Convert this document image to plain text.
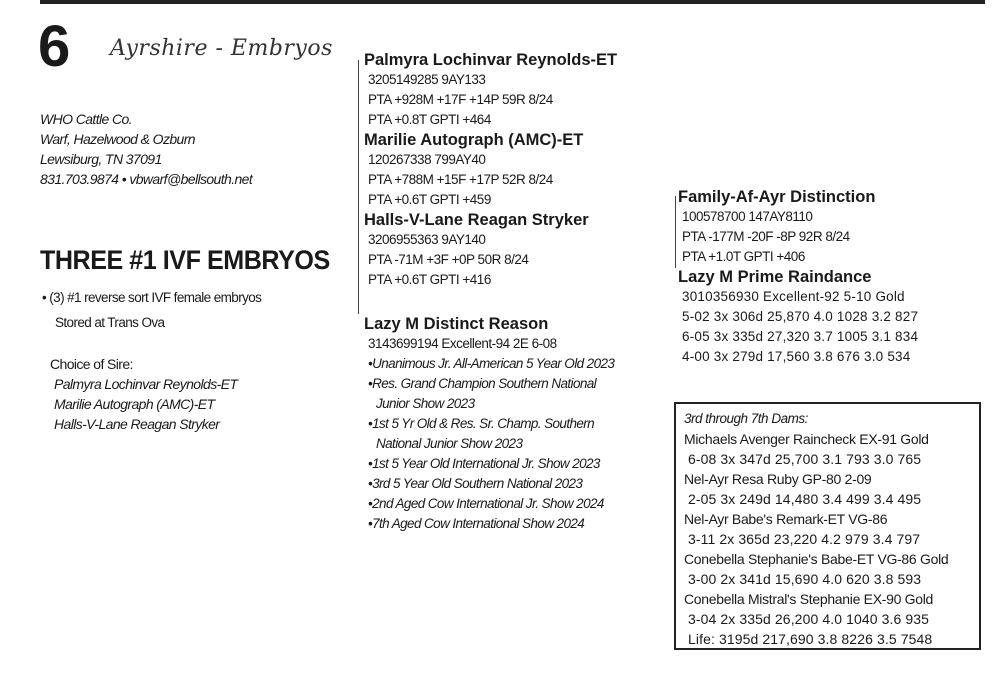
6 Ayrshire - Embryos
WHO Cattle Co.
Warf, Hazelwood & Ozburn
Lewsiburg, TN 37091
831.703.9874 • vbwarf@bellsouth.net
THREE #1 IVF EMBRYOS
• (3) #1 reverse sort IVF female embryos
Stored at Trans Ova
Choice of Sire:
Palmyra Lochinvar Reynolds-ET
Marilie Autograph (AMC)-ET
Halls-V-Lane Reagan Stryker
Palmyra Lochinvar Reynolds-ET
3205149285 9AY133
PTA +928M +17F +14P 59R 8/24
PTA +0.8T GPTI +464
Marilie Autograph (AMC)-ET
120267338 799AY40
PTA +788M +15F +17P 52R 8/24
PTA +0.6T GPTI +459
Halls-V-Lane Reagan Stryker
3206955363 9AY140
PTA -71M +3F +0P 50R 8/24
PTA +0.6T GPTI +416
Lazy M Distinct Reason
3143699194 Excellent-94 2E 6-08
•Unanimous Jr. All-American 5 Year Old 2023
•Res. Grand Champion Southern National
Junior Show 2023
•1st 5 Yr Old & Res. Sr. Champ. Southern
National Junior Show 2023
•1st 5 Year Old International Jr. Show 2023
•3rd 5 Year Old Southern National 2023
•2nd Aged Cow International Jr. Show 2024
•7th Aged Cow International Show 2024
Family-Af-Ayr Distinction
100578700 147AY8110
PTA -177M -20F -8P 92R 8/24
PTA +1.0T GPTI +406
Lazy M Prime Raindance
3010356930 Excellent-92 5-10 Gold
5-02 3x 306d 25,870 4.0 1028 3.2 827
6-05 3x 335d 27,320 3.7 1005 3.1 834
4-00 3x 279d 17,560 3.8 676 3.0 534
3rd through 7th Dams:
Michaels Avenger Raincheck EX-91 Gold
6-08 3x 347d 25,700 3.1 793 3.0 765
Nel-Ayr Resa Ruby GP-80 2-09
2-05 3x 249d 14,480 3.4 499 3.4 495
Nel-Ayr Babe's Remark-ET VG-86
3-11 2x 365d 23,220 4.2 979 3.4 797
Conebella Stephanie's Babe-ET VG-86 Gold
3-00 2x 341d 15,690 4.0 620 3.8 593
Conebella Mistral's Stephanie EX-90 Gold
3-04 2x 335d 26,200 4.0 1040 3.6 935
Life: 3195d 217,690 3.8 8226 3.5 7548
